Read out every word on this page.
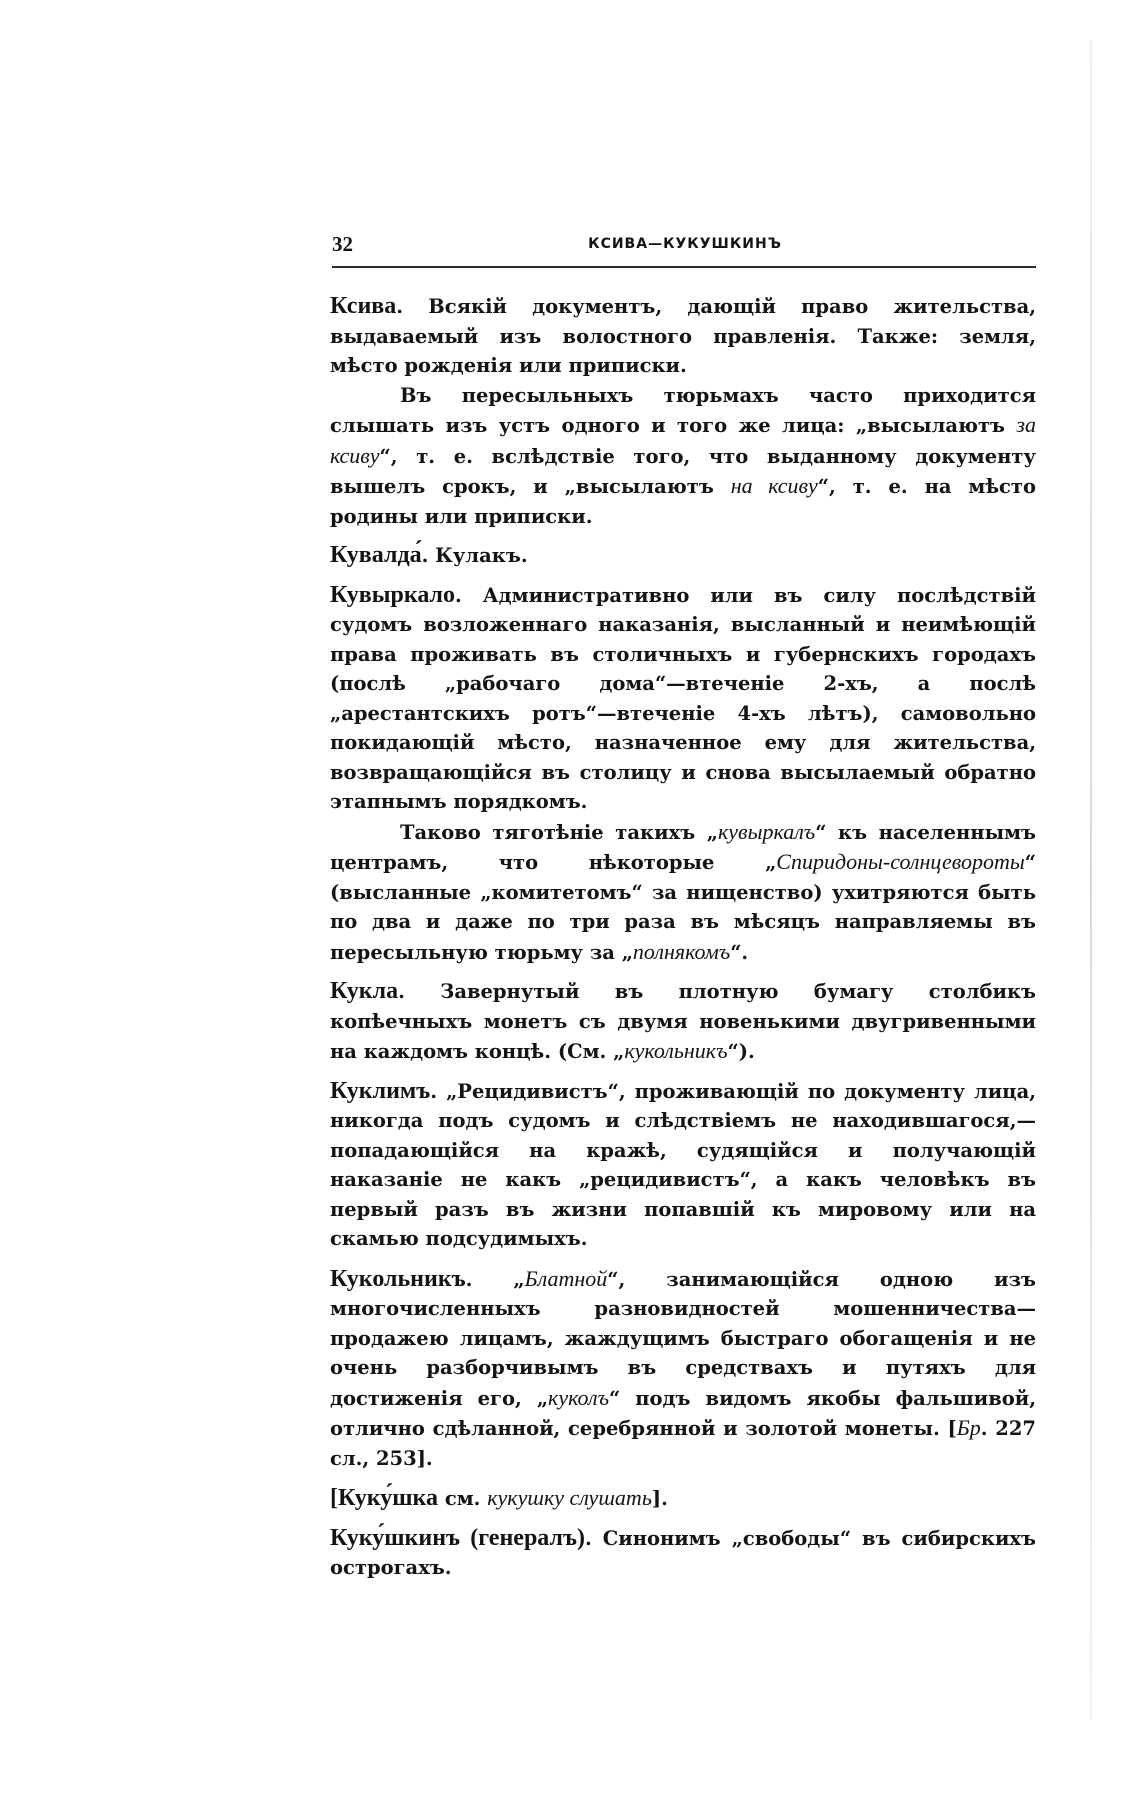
32	КСИВА—КУКУШКИНЪ

Ксива. Всякій документъ, дающій право жительства, выдаваемый изъ волостного правленія. Также: земля, мѣсто рожденія или приписки.

Въ пересыльныхъ тюрьмахъ часто приходится слышать изъ устъ одного и того же лица: „высылаютъ за ксиву“, т. е. вслѣдствіе того, что выданному документу вышелъ срокъ, и „высылаютъ на ксиву“, т. е. на мѣсто родины или приписки.

Кувалда́. Кулакъ.

Кувыркало. Административно или въ силу послѣдствій судомъ возложеннаго наказанія, высланный и неимѣющій права проживать въ столичныхъ и губернскихъ городахъ (послѣ „рабочаго дома“—втеченіе 2-хъ, а послѣ „арестантскихъ ротъ“—втеченіе 4-хъ лѣтъ), самовольно покидающій мѣсто, назначенное ему для жительства, возвращающійся въ столицу и снова высылаемый обратно этапнымъ порядкомъ.

Таково тяготѣніе такихъ „кувыркалъ“ къ населеннымъ центрамъ, что нѣкоторые „Спиридоны-солнцевороты“ (высланные „комитетомъ“ за нищенство) ухитряются быть по два и даже по три раза въ мѣсяцъ направляемы въ пересыльную тюрьму за „полнякомъ“.

Кукла. Завернутый въ плотную бумагу столбикъ копѣечныхъ монетъ съ двумя новенькими двугривенными на каждомъ концѣ. (См. „кукольникъ“).

Куклимъ. „Рецидивистъ“, проживающій по документу лица, никогда подъ судомъ и слѣдствіемъ не находившагося,—попадающійся на кражѣ, судящійся и получающій наказаніе не какъ „рецидивистъ“, а какъ человѣкъ въ первый разъ въ жизни попавшій къ мировому или на скамью подсудимыхъ.

Кукольникъ. „Блатной“, занимающійся одною изъ многочисленныхъ разновидностей мошенничества—продажею лицамъ, жаждущимъ быстраго обогащенія и не очень разборчивымъ въ средствахъ и путяхъ для достиженія его, „куколъ“ подъ видомъ якобы фальшивой, отлично сдѣланной, серебрянной и золотой монеты. [Бр. 227 сл., 253].

[Куку́шка см. кукушку слушать].

Куку́шкинъ (генералъ). Синонимъ „свободы“ въ сибирскихъ острогахъ.
